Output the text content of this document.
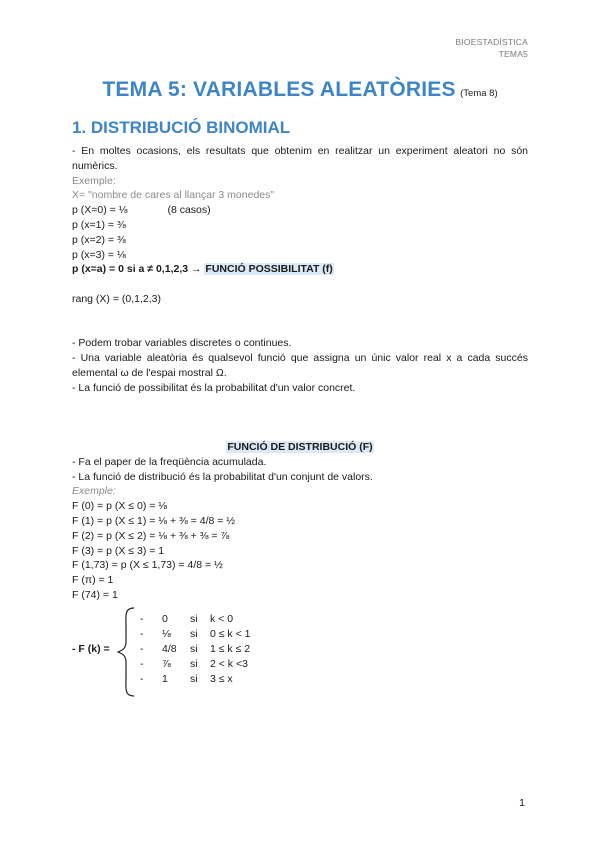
BIOESTADÍSTICA
TEMA5
TEMA 5: VARIABLES ALEATÒRIES (Tema 8)
1. DISTRIBUCIÓ BINOMIAL

- En moltes ocasions, els resultats que obtenim en realitzar un experiment aleatori no són numèrics.

Exemple:

X= "nombre de cares al llançar 3 monedes"

p (X=0) = ⅛	(8 casos)

p (x=1) = ⅜

p (x=2) = ⅜

p (x=3) = ⅛

p (x=a) = 0 si a ≠ 0,1,2,3 → FUNCIÓ POSSIBILITAT (f)

rang (X) = (0,1,2,3)

- Podem trobar variables discretes o continues.

- Una variable aleatòria és qualsevol funció que assigna un únic valor real x a cada succés elemental ω de l'espai mostral Ω.

- La funció de possibilitat és la probabilitat d'un valor concret.

FUNCIÓ DE DISTRIBUCIÓ (F)

- Fa el paper de la freqüència acumulada.

- La funció de distribució és la probabilitat d'un conjunt de valors.

Exemple:

F (0) = p (X ≤ 0) = ⅛

F (1) = p (X ≤ 1) = ⅛ + ⅜ = 4/8 = ½

F (2) = p (X ≤ 2) = ⅛ + ⅜ + ⅜ = ⅞

F (3) = p (X ≤ 3) = 1

F (1,73) = p (X ≤ 1,73) = 4/8 = ½

F (π) = 1

F (74) = 1

- F (k) =
- 0 si k < 0
- ⅛ si 0 ≤ k < 1
- 4/8 si 1 ≤ k ≤ 2
- ⅞ si 2 < k <3
- 1 si 3 ≤ x
1
